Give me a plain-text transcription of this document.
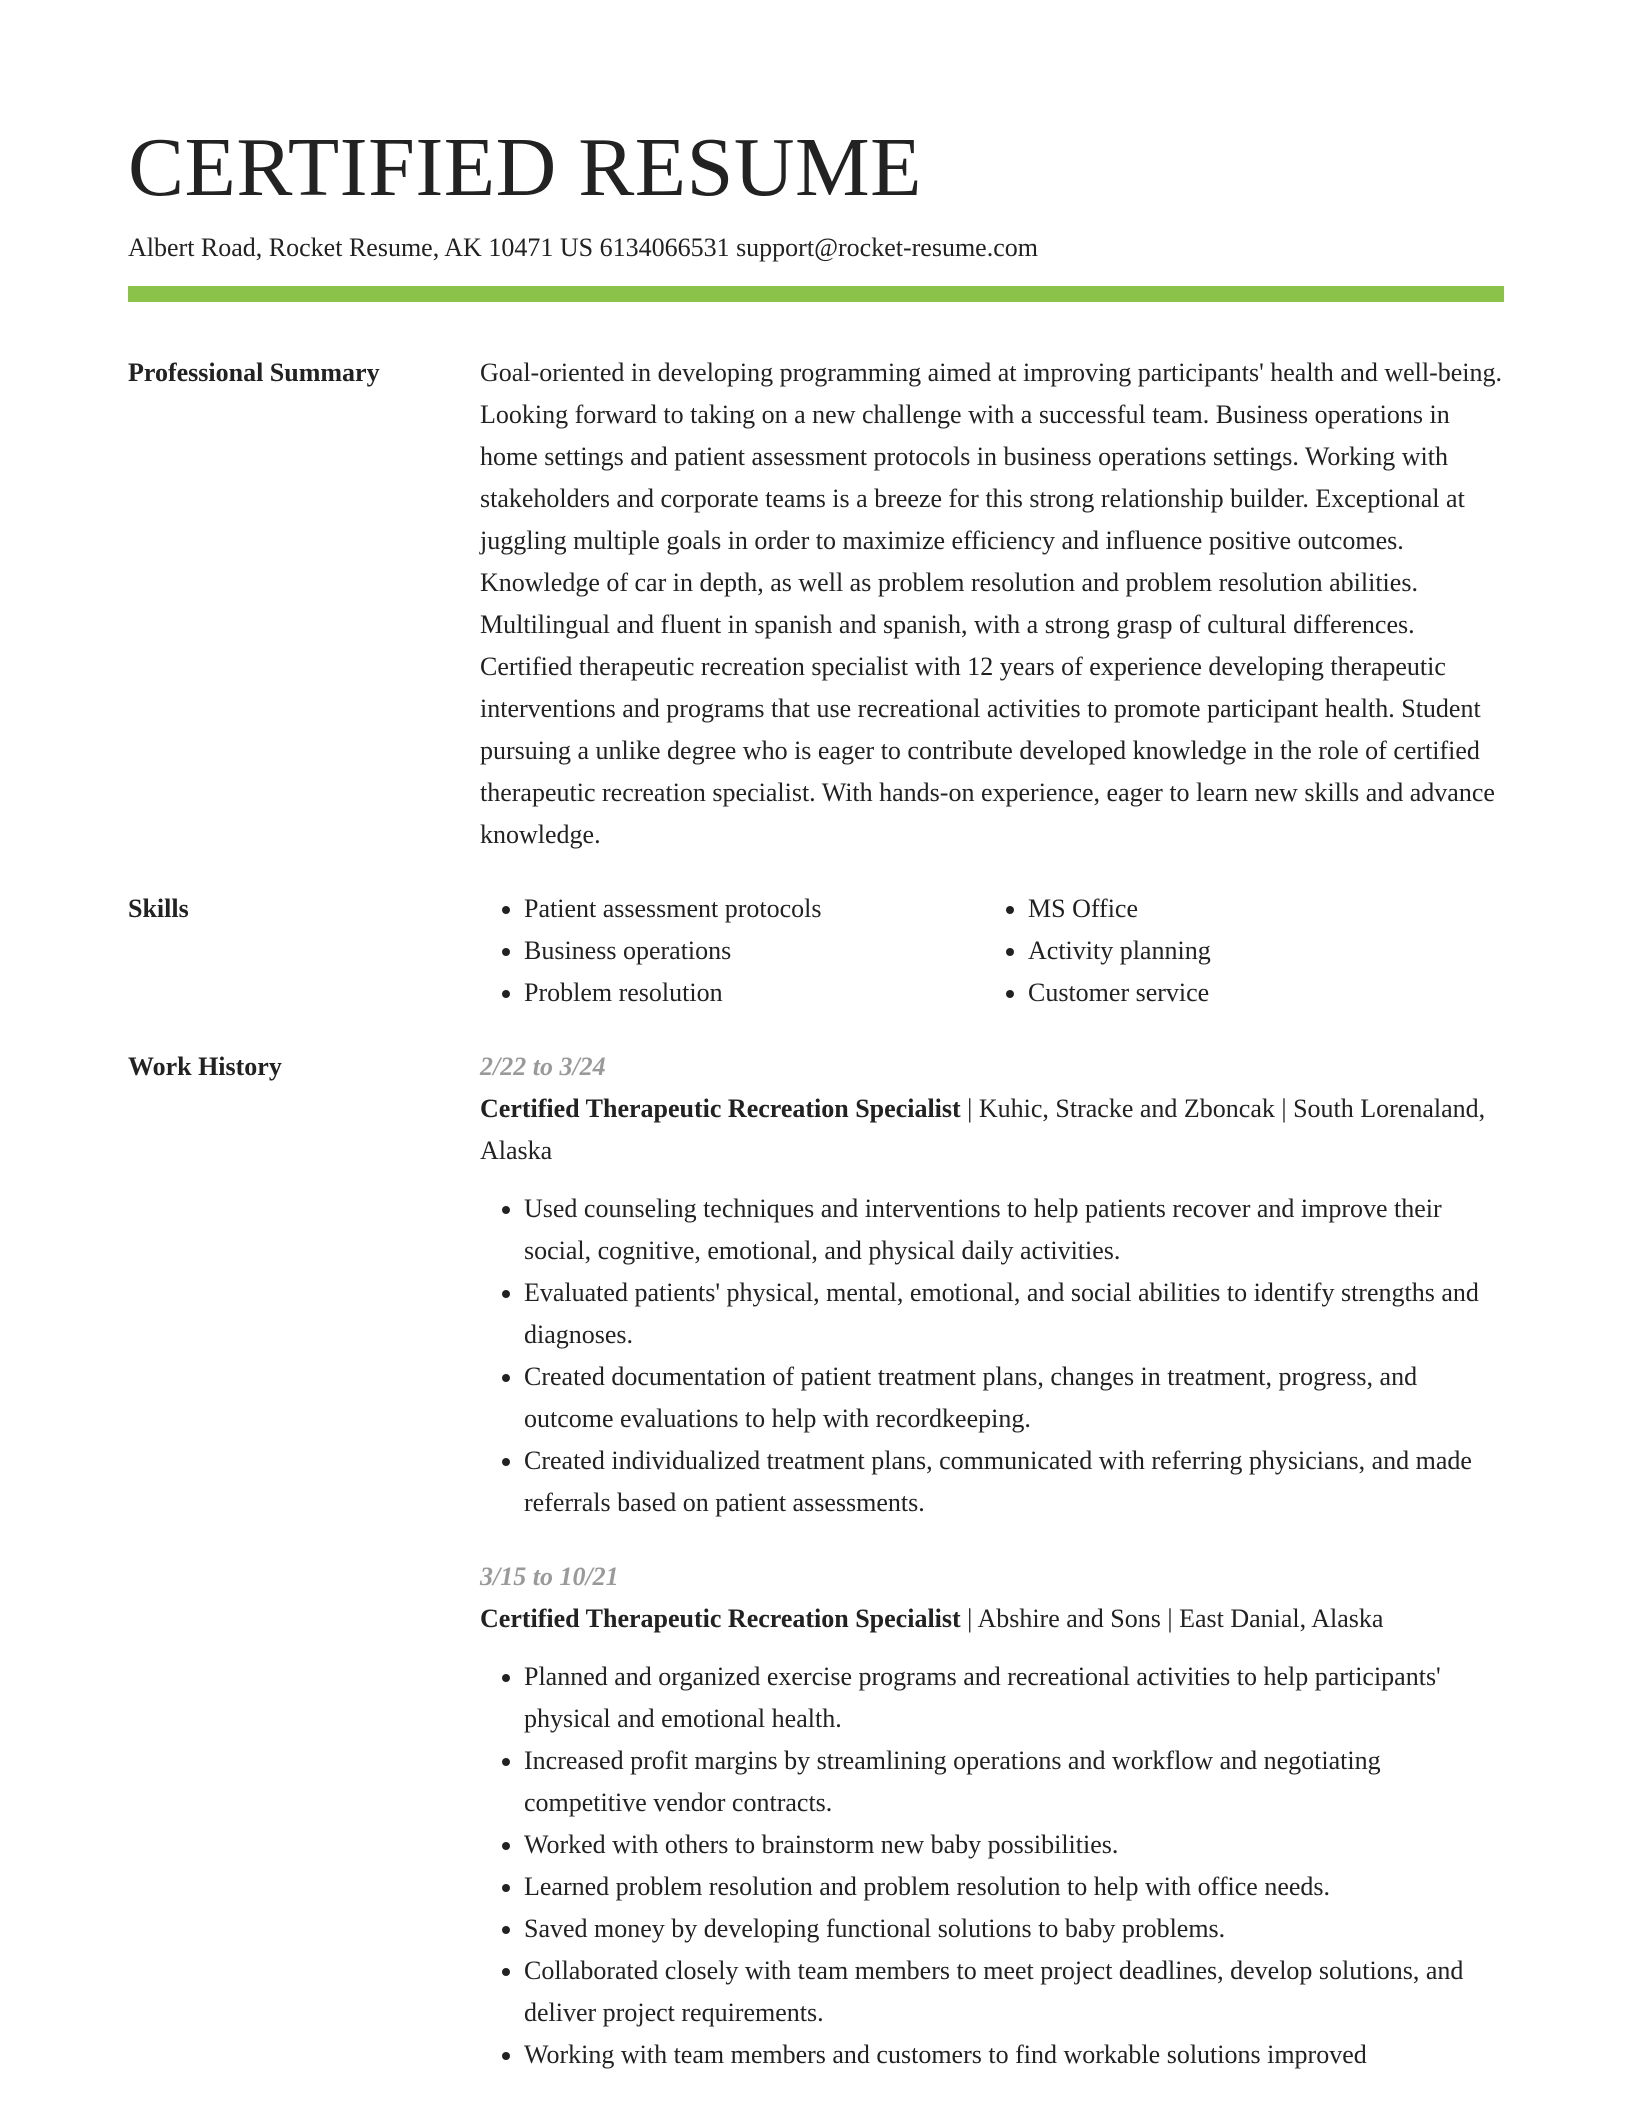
CERTIFIED RESUME
Albert Road, Rocket Resume, AK 10471 US 6134066531 support@rocket-resume.com
Professional Summary	Goal-oriented in developing programming aimed at improving participants' health and well-being. Looking forward to taking on a new challenge with a successful team. Business operations in home settings and patient assessment protocols in business operations settings. Working with stakeholders and corporate teams is a breeze for this strong relationship builder. Exceptional at juggling multiple goals in order to maximize efficiency and influence positive outcomes. Knowledge of car in depth, as well as problem resolution and problem resolution abilities. Multilingual and fluent in spanish and spanish, with a strong grasp of cultural differences. Certified therapeutic recreation specialist with 12 years of experience developing therapeutic interventions and programs that use recreational activities to promote participant health. Student pursuing a unlike degree who is eager to contribute developed knowledge in the role of certified therapeutic recreation specialist. With hands-on experience, eager to learn new skills and advance knowledge.
Skills
•	Patient assessment protocols
• Business operations
• Problem resolution
• MS Office
• Activity planning
• Customer service
Work History	2/22 to 3/24
Certified Therapeutic Recreation Specialist | Kuhic, Stracke and Zboncak | South Lorenaland, Alaska
• Used counseling techniques and interventions to help patients recover and improve their social, cognitive, emotional, and physical daily activities.
• Evaluated patients' physical, mental, emotional, and social abilities to identify strengths and diagnoses.
• Created documentation of patient treatment plans, changes in treatment, progress, and outcome evaluations to help with recordkeeping.
• Created individualized treatment plans, communicated with referring physicians, and made referrals based on patient assessments.
3/15 to 10/21
Certified Therapeutic Recreation Specialist | Abshire and Sons | East Danial, Alaska
• Planned and organized exercise programs and recreational activities to help participants' physical and emotional health.
• Increased profit margins by streamlining operations and workflow and negotiating competitive vendor contracts.
• Worked with others to brainstorm new baby possibilities.
• Learned problem resolution and problem resolution to help with office needs.
• Saved money by developing functional solutions to baby problems.
• Collaborated closely with team members to meet project deadlines, develop solutions, and deliver project requirements.
• Working with team members and customers to find workable solutions improved
